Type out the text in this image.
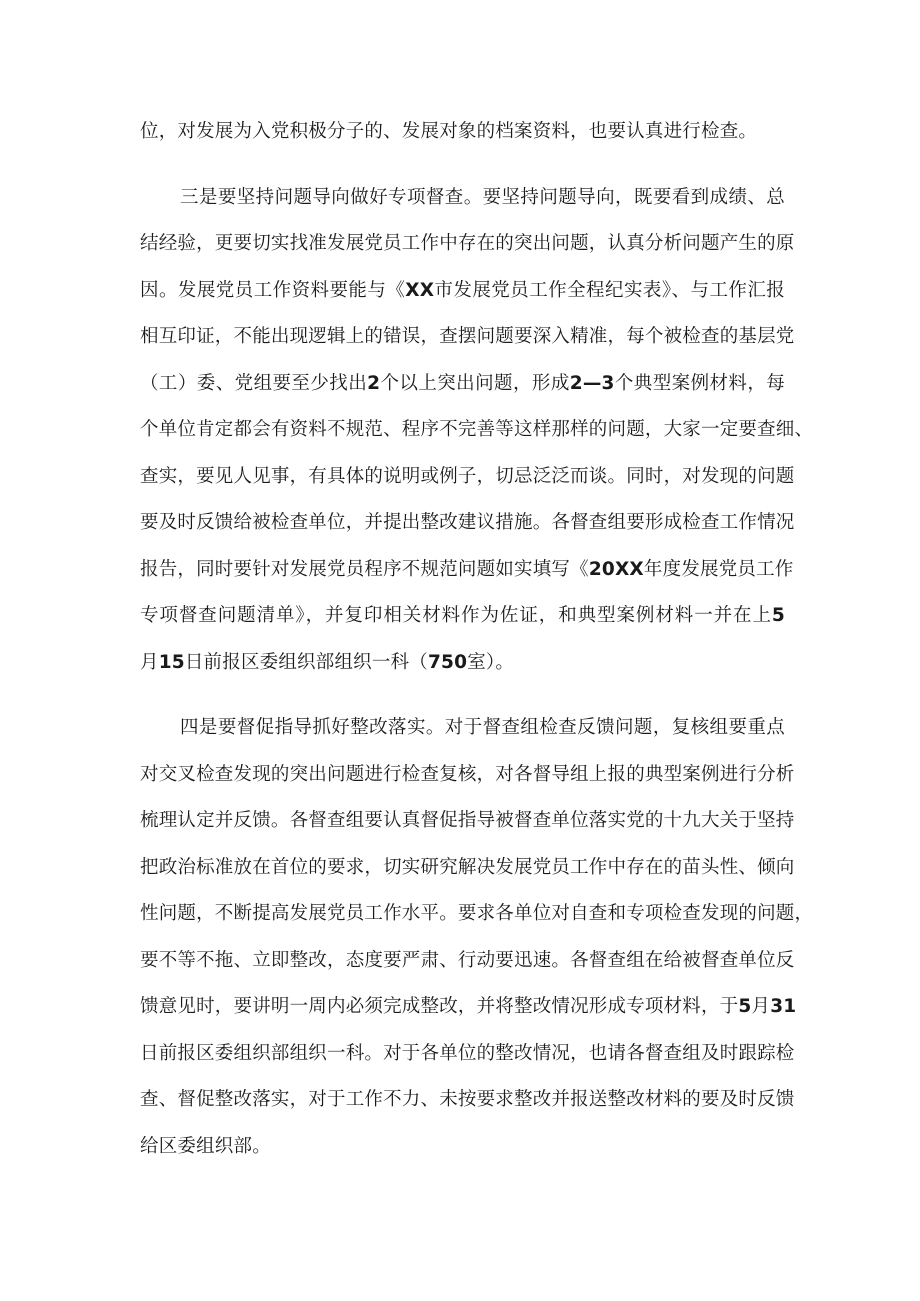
位，对发展为入党积极分子的、发展对象的档案资料，也要认真进行检查。
三是要坚持问题导向做好专项督查。要坚持问题导向，既要看到成绩、总
结经验，更要切实找准发展党员工作中存在的突出问题，认真分析问题产生的原
因。发展党员工作资料要能与《XX市发展党员工作全程纪实表》、与工作汇报
相互印证，不能出现逻辑上的错误，查摆问题要深入精准，每个被检查的基层党
（工）委、党组要至少找出2个以上突出问题，形成2—3个典型案例材料，每
个单位肯定都会有资料不规范、程序不完善等这样那样的问题，大家一定要查细、
查实，要见人见事，有具体的说明或例子，切忌泛泛而谈。同时，对发现的问题
要及时反馈给被检查单位，并提出整改建议措施。各督查组要形成检查工作情况
报告，同时要针对发展党员程序不规范问题如实填写《20XX年度发展党员工作
专项督查问题清单》，并复印相关材料作为佐证，和典型案例材料一并在上5
月15日前报区委组织部组织一科（750室）。
四是要督促指导抓好整改落实。对于督查组检查反馈问题，复核组要重点
对交叉检查发现的突出问题进行检查复核，对各督导组上报的典型案例进行分析
梳理认定并反馈。各督查组要认真督促指导被督查单位落实党的十九大关于坚持
把政治标准放在首位的要求，切实研究解决发展党员工作中存在的苗头性、倾向
性问题，不断提高发展党员工作水平。要求各单位对自查和专项检查发现的问题，
要不等不拖、立即整改，态度要严肃、行动要迅速。各督查组在给被督查单位反
馈意见时，要讲明一周内必须完成整改，并将整改情况形成专项材料，于5月31
日前报区委组织部组织一科。对于各单位的整改情况，也请各督查组及时跟踪检
查、督促整改落实，对于工作不力、未按要求整改并报送整改材料的要及时反馈
给区委组织部。
